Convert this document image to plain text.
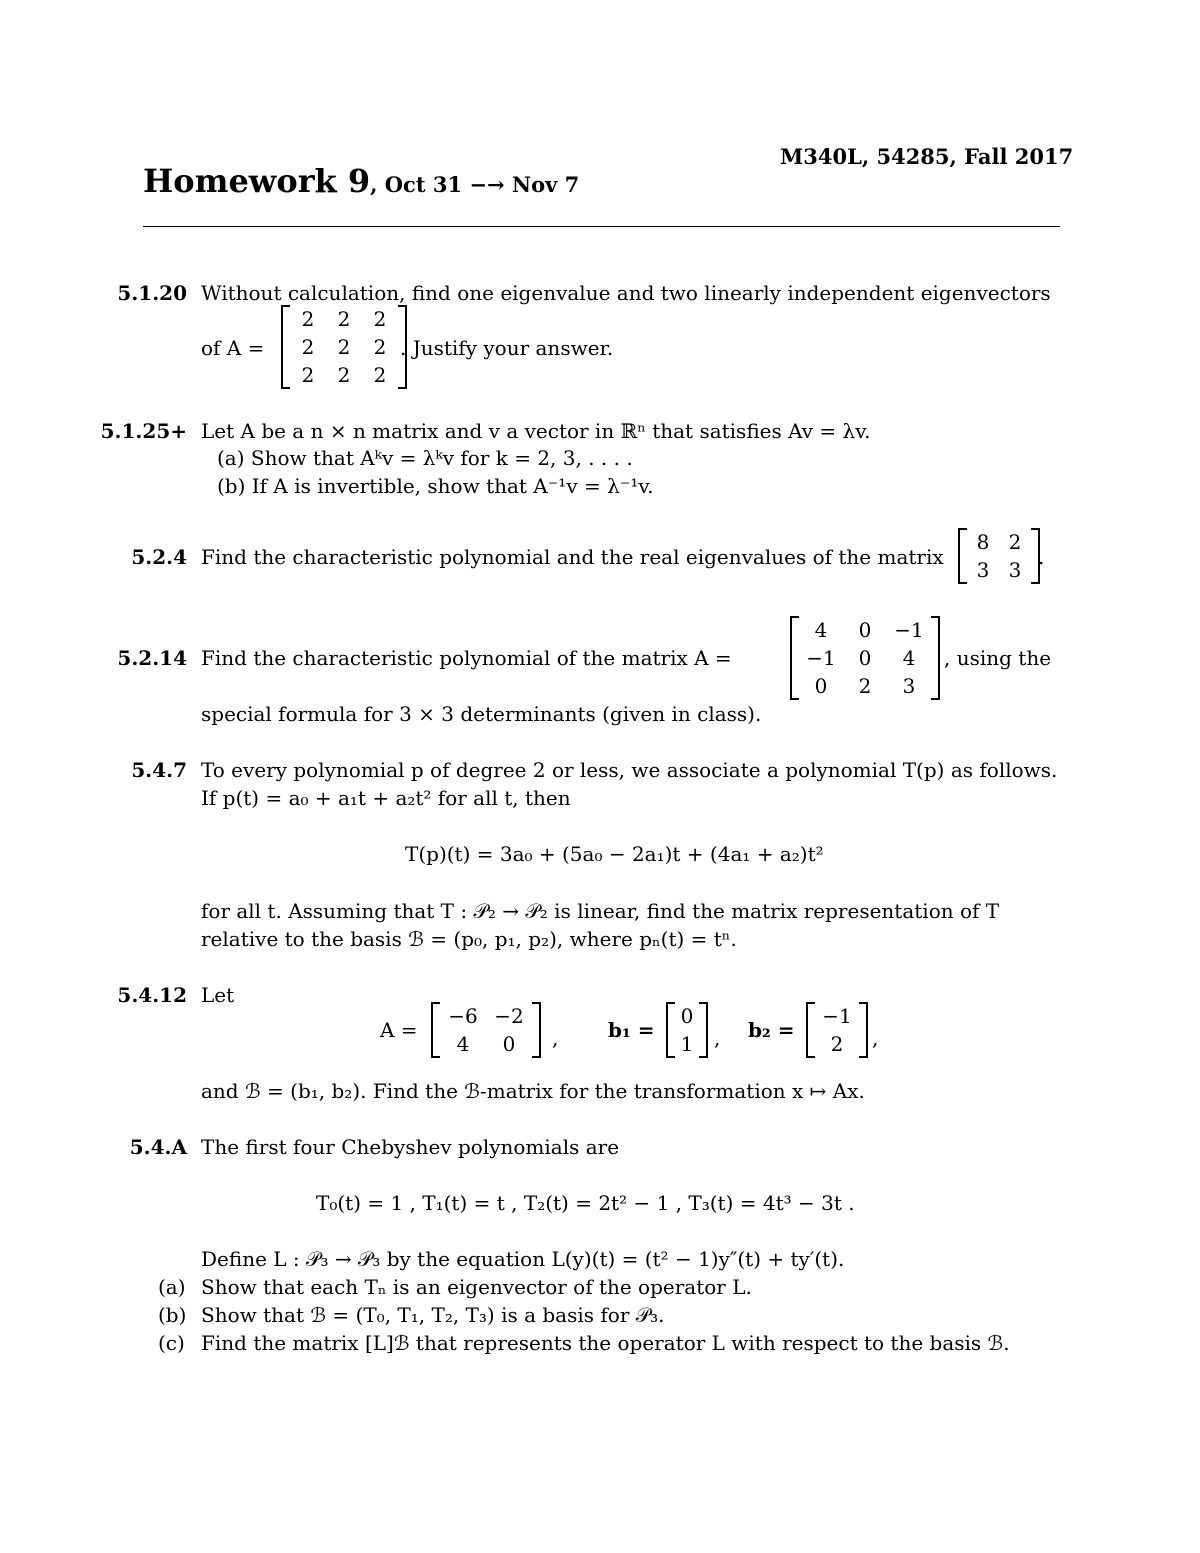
M340L, 54285, Fall 2017
Homework 9, Oct 31 −→ Nov 7
5.1.20 Without calculation, find one eigenvalue and two linearly independent eigenvectors
of A =
2	2	2
2	2	2
2	2	2
. Justify your answer.
5.1.25+ Let A be a n × n matrix and v a vector in ℝⁿ that satisfies Av = λv.
(a) Show that Aᵏv = λᵏv for k = 2, 3, . . . .
(b) If A is invertible, show that A⁻¹v = λ⁻¹v.
5.2.4 Find the characteristic polynomial and the real eigenvalues of the matrix
8 2
3 3
.
5.2.14 Find the characteristic polynomial of the matrix A =
4	0	−1
−1	0	4
0	2	3
, using the
special formula for 3 × 3 determinants (given in class).
5.4.7 To every polynomial p of degree 2 or less, we associate a polynomial T(p) as follows.
If p(t) = a₀ + a₁t + a₂t² for all t, then
T(p)(t) = 3a₀ + (5a₀ − 2a₁)t + (4a₁ + a₂)t²
for all t. Assuming that T : 𝒫₂ → 𝒫₂ is linear, find the matrix representation of T
relative to the basis ℬ = (p₀, p₁, p₂), where pₙ(t) = tⁿ.
5.4.12 Let
A =
−6 −2
4	0	, b₁ =
0
1 , b₂ =
−1
2	,
and ℬ = (b₁, b₂). Find the ℬ-matrix for the transformation x ↦ Ax.
5.4.A The first four Chebyshev polynomials are
T₀(t) = 1 , T₁(t) = t , T₂(t) = 2t² − 1 , T₃(t) = 4t³ − 3t .
Define L : 𝒫₃ → 𝒫₃ by the equation L(y)(t) = (t² − 1)y″(t) + ty′(t).
(a) Show that each Tₙ is an eigenvector of the operator L.
(b) Show that ℬ = (T₀, T₁, T₂, T₃) is a basis for 𝒫₃.
(c) Find the matrix [L]ℬ that represents the operator L with respect to the basis ℬ.
